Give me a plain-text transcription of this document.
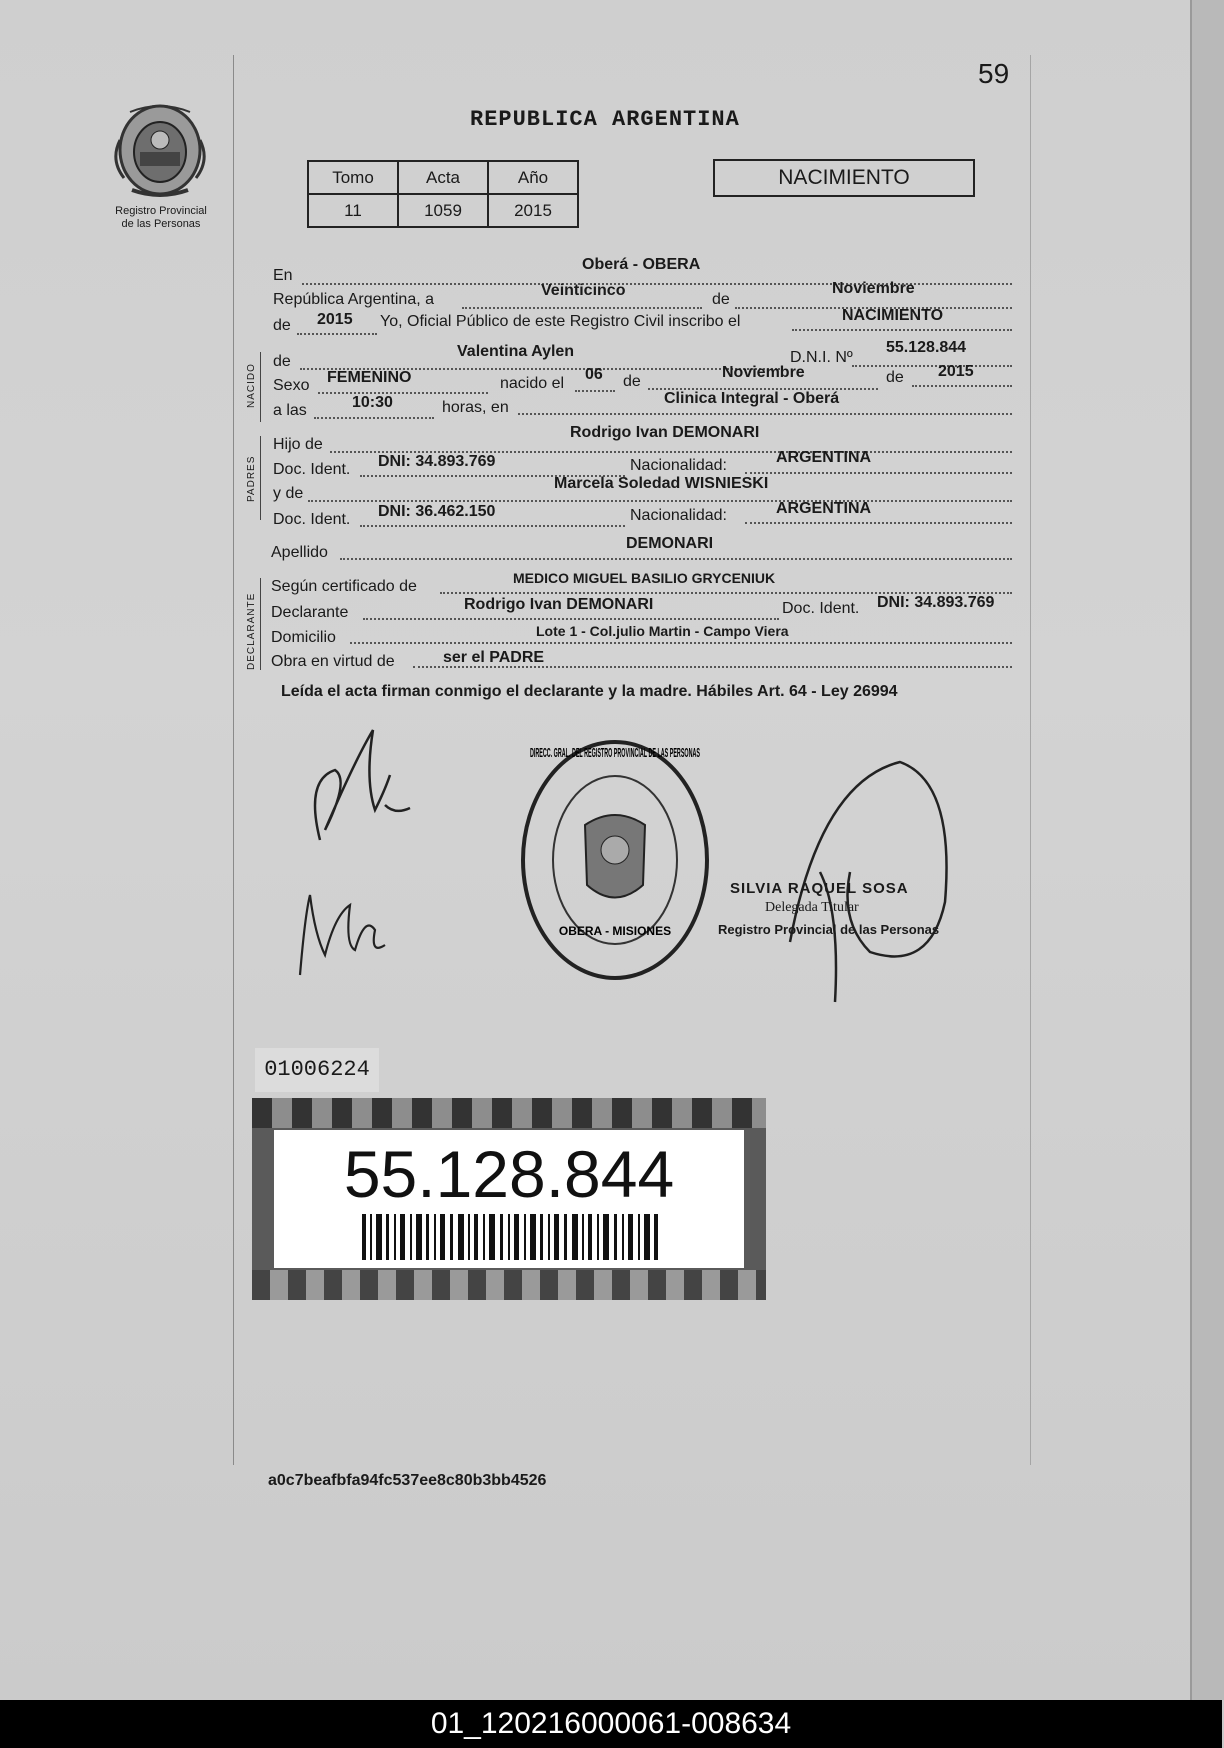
59
Registro Provincial
de las Personas
REPUBLICA ARGENTINA
Tomo	Acta	Año
11	1059	2015
NACIMIENTO
En
Oberá - OBERA
República Argentina, a
Veinticinco
de
Noviembre
de 2015 Yo, Oficial Público de este Registro Civil inscribo el	NACIMIENTO
NACIDO
de
Valentina Aylen	D.N.I. Nº
55.128.844
Sexo FEMENINO	nacido el
06 de
Noviembre	de 2015
a las	10:30	horas, en
Clinica Integral - Oberá
PADRES
Hijo de
Rodrigo Ivan DEMONARI
Doc. Ident. DNI: 34.893.769	Nacionalidad:	ARGENTINA
y de
Marcela Soledad WISNIESKI
Doc. Ident. DNI: 36.462.150	Nacionalidad:	ARGENTINA
Apellido
DEMONARI
DECLARANTE
Según certificado de	MEDICO MIGUEL BASILIO GRYCENIUK
Declarante	Rodrigo Ivan DEMONARI	Doc. Ident. DNI: 34.893.769
Domicilio	Lote 1 - Col.julio Martin - Campo Viera
Obra en virtud de	ser el PADRE
Leída el acta firman conmigo el declarante y la madre. Hábiles Art. 64 - Ley 26994
DIRECC. GRAL. DEL REGISTRO PROVINCIAL DE LAS PERSONAS
OBERA - MISIONES
SILVIA RAQUEL SOSA
Delegada Titular
Registro Provincial de las Personas
01006224
55.128.844
a0c7beafbfa94fc537ee8c80b3bb4526
01_120216000061-008634
